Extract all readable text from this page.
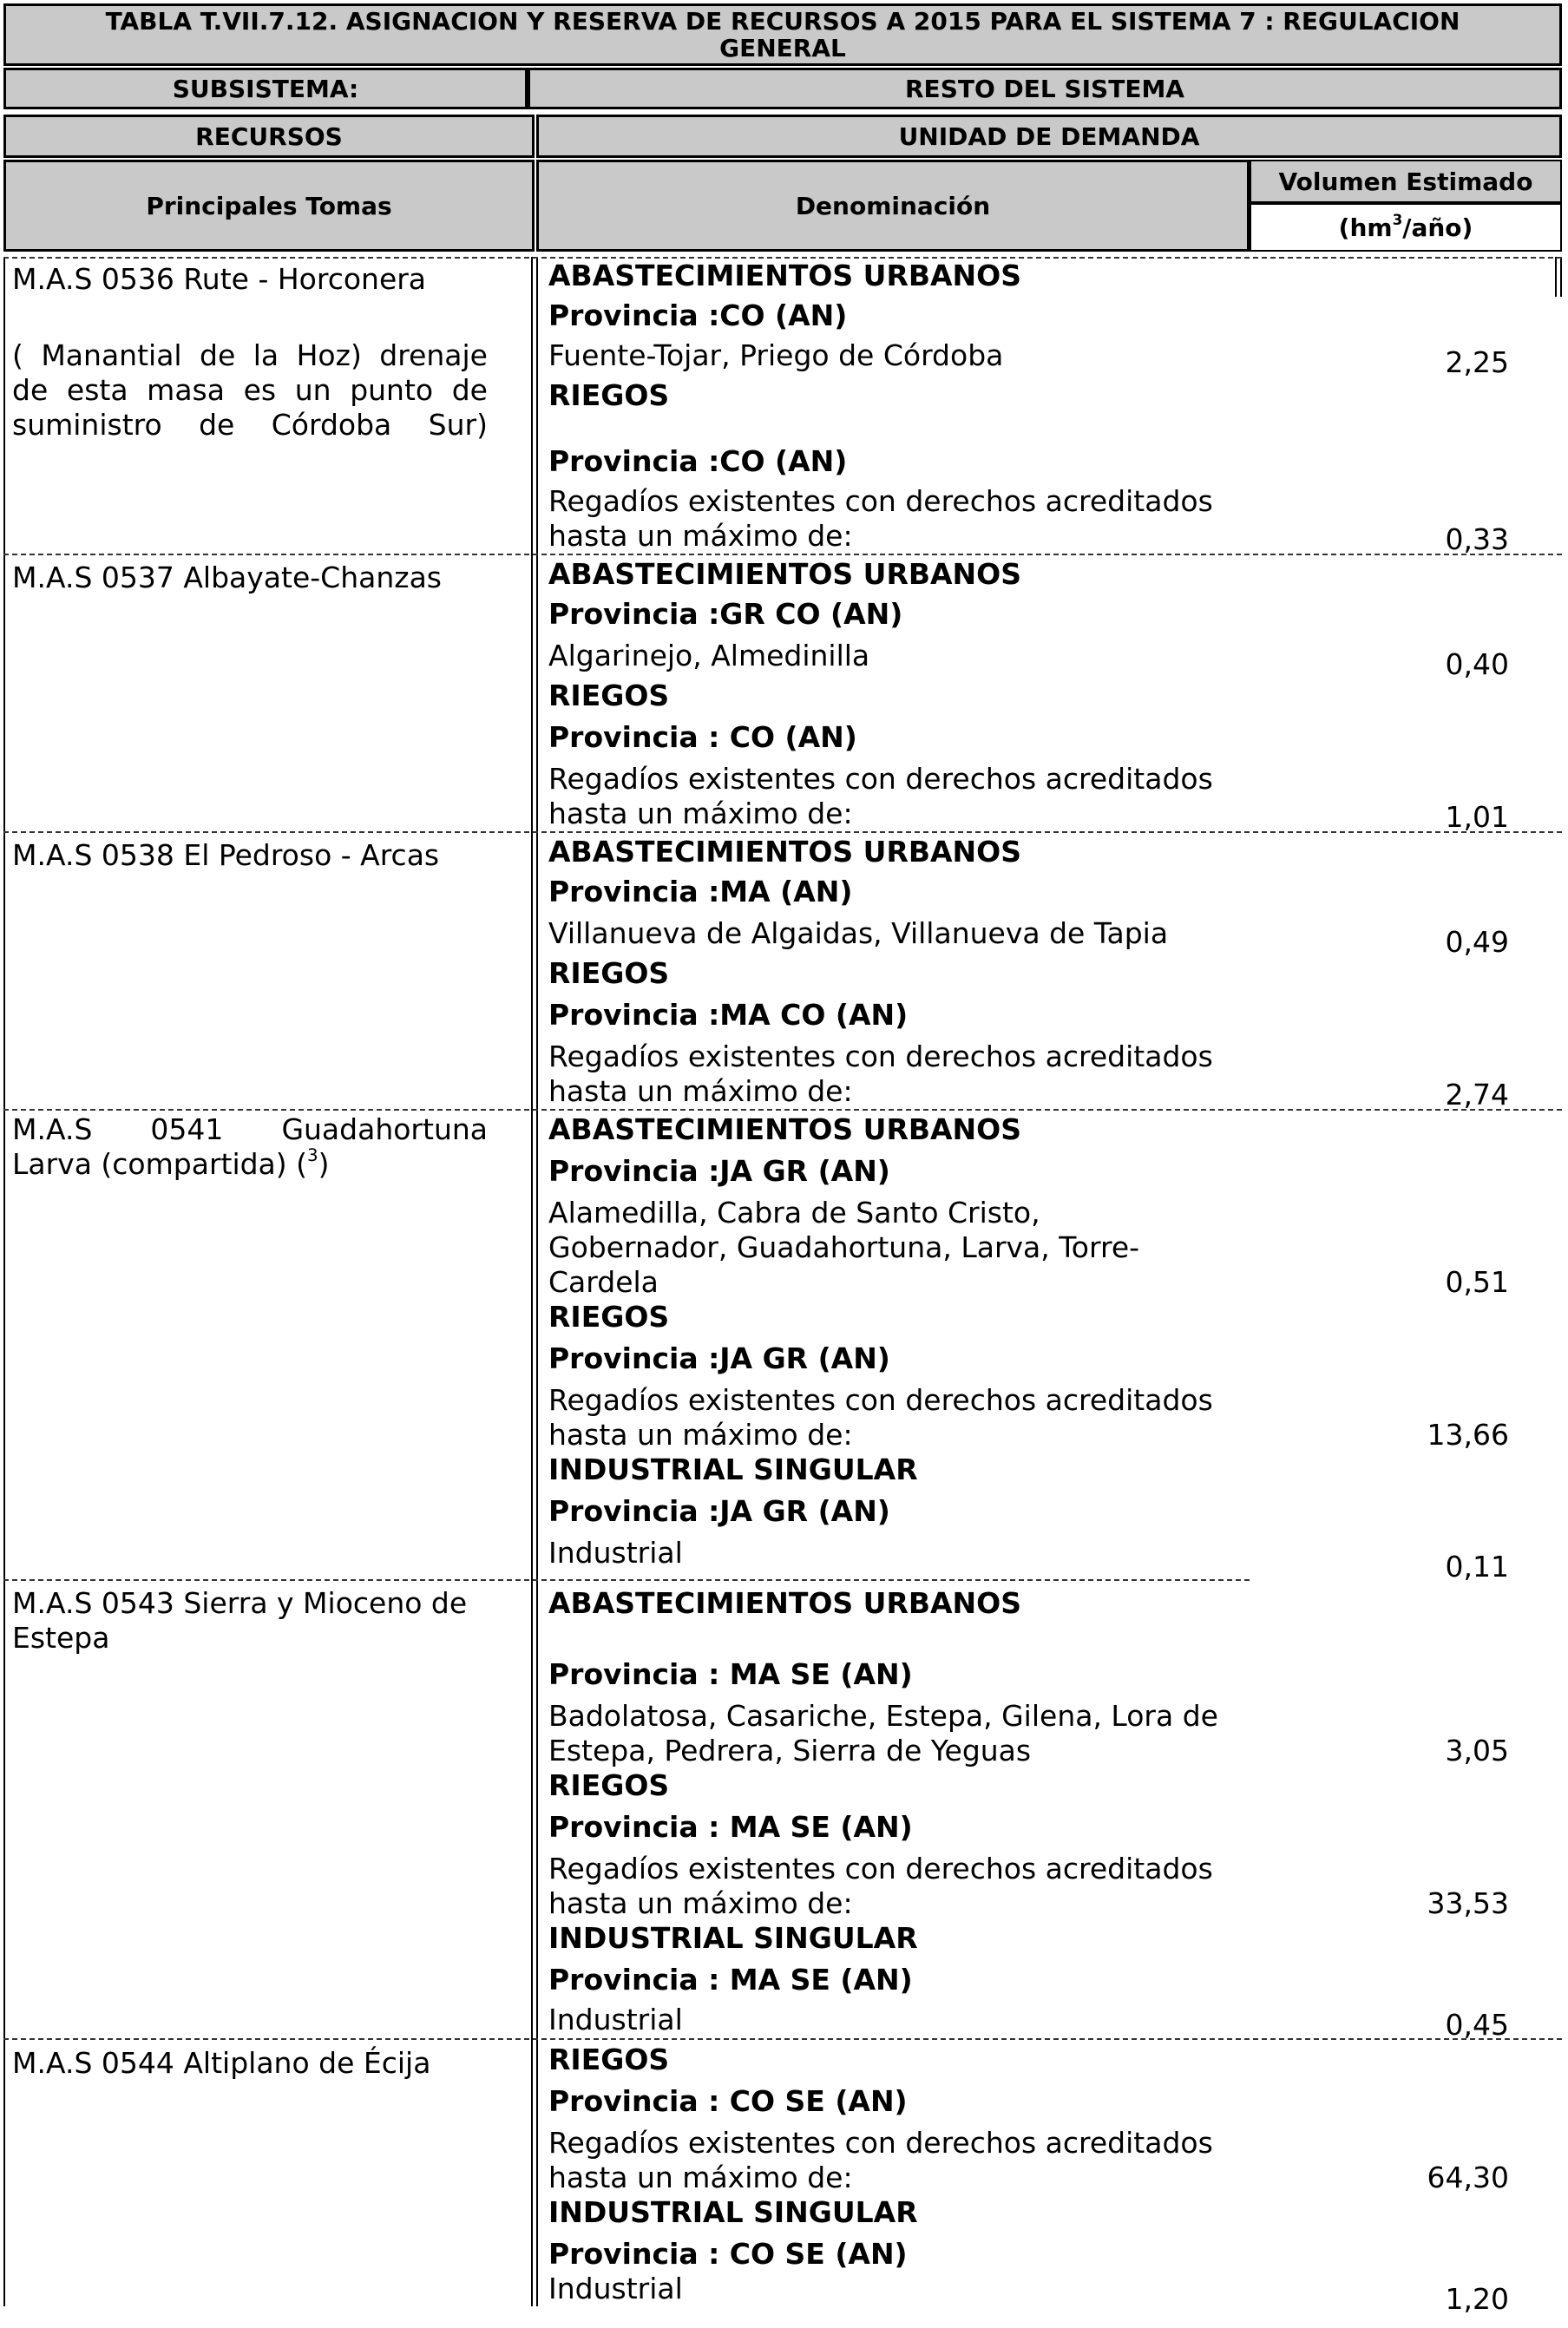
TABLA T.VII.7.12. ASIGNACION Y RESERVA DE RECURSOS A 2015 PARA EL SISTEMA 7 : REGULACION GENERAL
SUBSISTEMA:	RESTO DEL SISTEMA
RECURSOS	UNIDAD DE DEMANDA
Principales Tomas	Denominación
Volumen Estimado
$(hm^3/año)$
M.A.S 0536 Rute - Horconera
( Manantial de la Hoz) drenaje de esta masa es un punto de suministro de Córdoba Sur)
ABASTECIMIENTOS URBANOS
Provincia :CO (AN)
Fuente-Tojar, Priego de Córdoba	2,25
RIEGOS
Provincia :CO (AN)
Regadíos existentes con derechos acreditados
hasta un máximo de:	0,33
M.A.S 0537 Albayate-Chanzas	ABASTECIMIENTOS URBANOS
Provincia :GR CO (AN)
Algarinejo, Almedinilla	0,40
RIEGOS
Provincia : CO (AN)
Regadíos existentes con derechos acreditados
hasta un máximo de:	1,01
M.A.S 0538 El Pedroso - Arcas	ABASTECIMIENTOS URBANOS
Provincia :MA (AN)
Villanueva de Algaidas, Villanueva de Tapia	0,49
RIEGOS
Provincia :MA CO (AN)
Regadíos existentes con derechos acreditados
hasta un máximo de:	2,74
M.A.S 0541 Guadahortuna
Larva (compartida) ($^3$)
ABASTECIMIENTOS URBANOS
Provincia :JA GR (AN)
Alamedilla, Cabra de Santo Cristo,
Gobernador, Guadahortuna, Larva, Torre-
Cardela	0,51
RIEGOS
Provincia :JA GR (AN)
Regadíos existentes con derechos acreditados
hasta un máximo de:	13,66
INDUSTRIAL SINGULAR
Provincia :JA GR (AN)
Industrial	0,11
M.A.S 0543 Sierra y Mioceno de Estepa
ABASTECIMIENTOS URBANOS
Provincia : MA SE (AN)
Badolatosa, Casariche, Estepa, Gilena, Lora de
Estepa, Pedrera, Sierra de Yeguas	3,05
RIEGOS
Provincia : MA SE (AN)
Regadíos existentes con derechos acreditados
hasta un máximo de:	33,53
INDUSTRIAL SINGULAR
Provincia : MA SE (AN)
Industrial	0,45
M.A.S 0544 Altiplano de Écija	RIEGOS
Provincia : CO SE (AN)
Regadíos existentes con derechos acreditados
hasta un máximo de:	64,30
INDUSTRIAL SINGULAR
Provincia : CO SE (AN)
Industrial	1,20
